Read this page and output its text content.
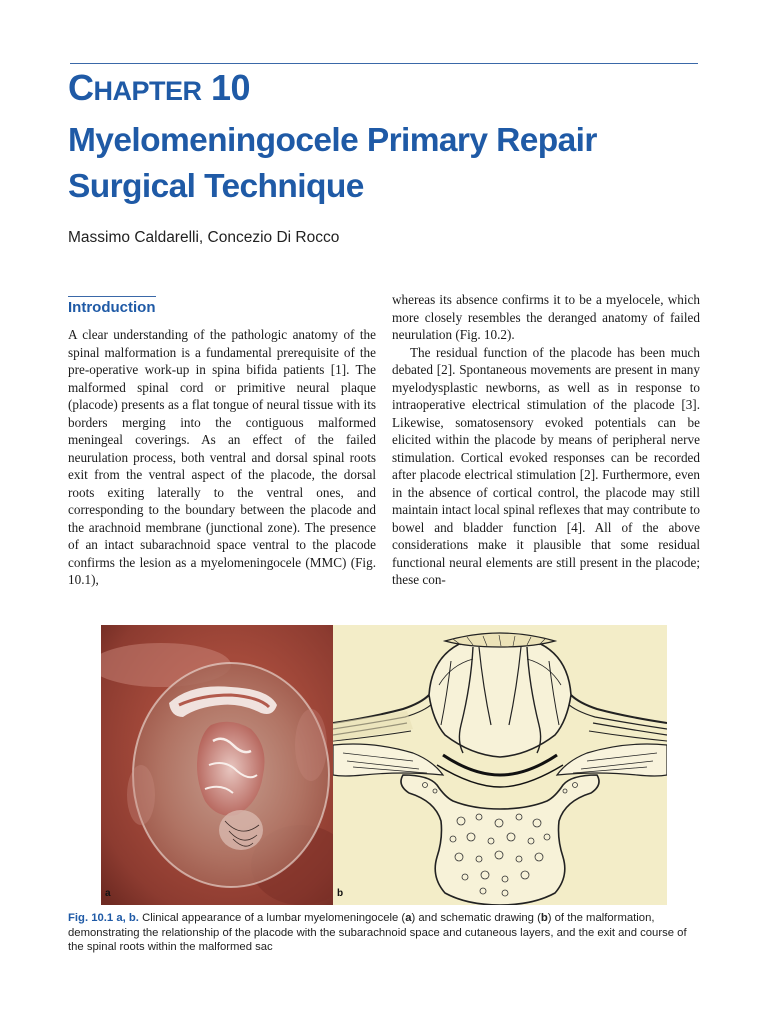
CHAPTER 10
Myelomeningocele Primary Repair Surgical Technique

Massimo Caldarelli, Concezio Di Rocco

Introduction

A clear understanding of the pathologic anatomy of the spinal malformation is a fundamental prerequisite of the pre-operative work-up in spina bifida patients [1]. The malformed spinal cord or primitive neural plaque (placode) presents as a flat tongue of neural tissue with its borders merging into the contiguous malformed meningeal coverings. As an effect of the failed neurulation process, both ventral and dorsal spinal roots exit from the ventral aspect of the placode, the dorsal roots exiting laterally to the ventral ones, and corresponding to the boundary between the placode and the arachnoid membrane (junctional zone). The presence of an intact subarachnoid space ventral to the placode confirms the lesion as a myelomeningocele (MMC) (Fig. 10.1),

whereas its absence confirms it to be a myelocele, which more closely resembles the deranged anatomy of failed neurulation (Fig. 10.2).

The residual function of the placode has been much debated [2]. Spontaneous movements are present in many myelodysplastic newborns, as well as in response to intraoperative electrical stimulation of the placode [3]. Likewise, somatosensory evoked potentials can be elicited within the placode by means of peripheral nerve stimulation. Cortical evoked responses can be recorded after placode electrical stimulation [2]. Furthermore, even in the absence of cortical control, the placode may still maintain intact local spinal reflexes that may contribute to bowel and bladder function [4]. All of the above considerations make it plausible that some residual functional neural elements are still present in the placode; these con-

a	b

Fig. 10.1 a, b. Clinical appearance of a lumbar myelomeningocele (a) and schematic drawing (b) of the malformation, demonstrating the relationship of the placode with the subarachnoid space and cutaneous layers, and the exit and course of the spinal roots within the malformed sac
